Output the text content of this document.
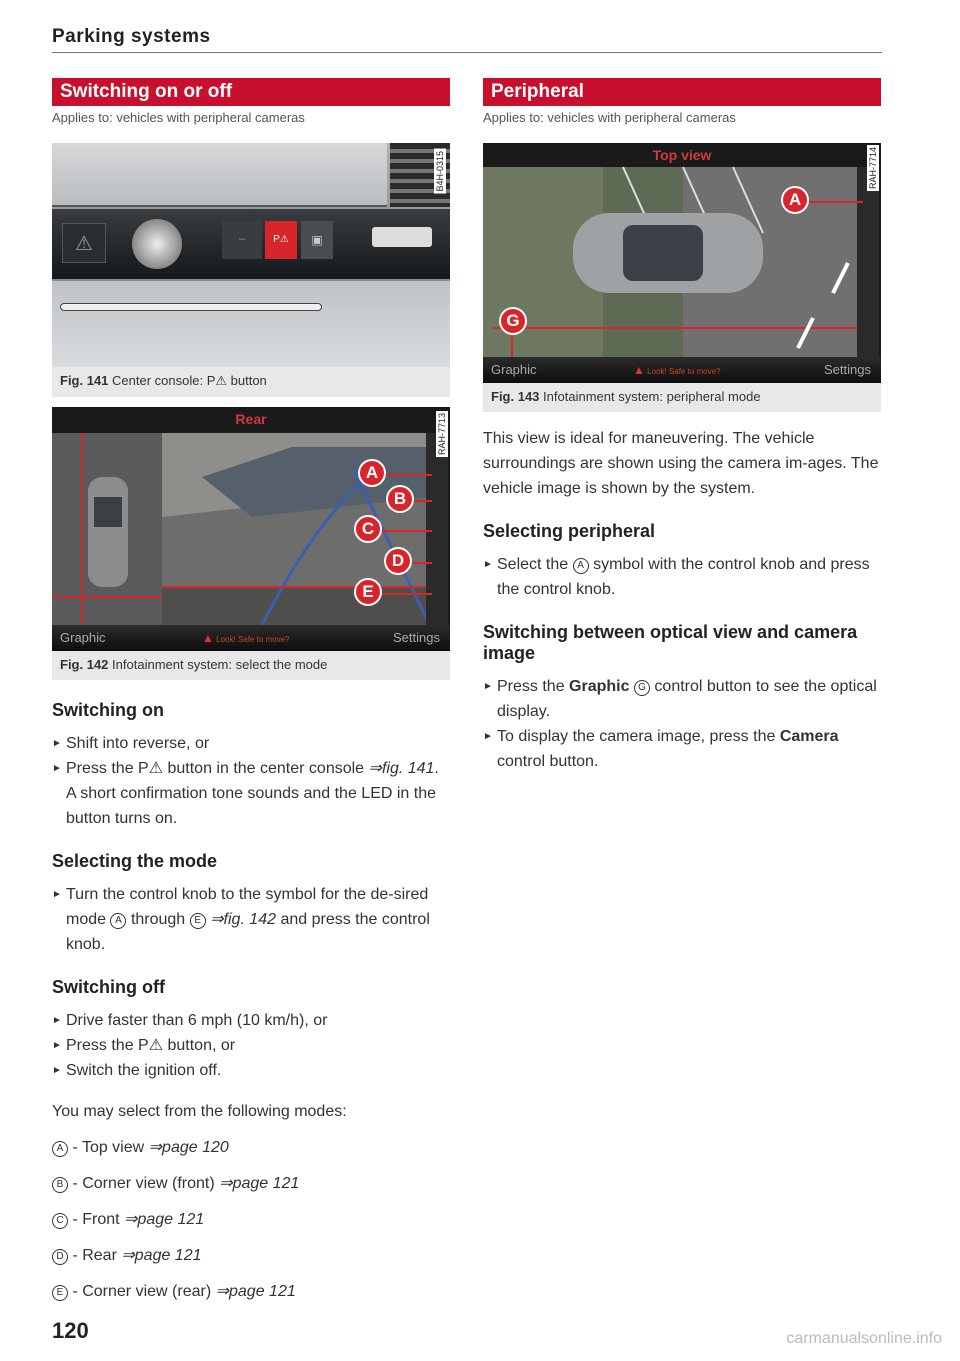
Parking systems
Switching on or off
Applies to: vehicles with peripheral cameras
⚠	▪▪▪	P⚠	▣
B4H-0315
Fig. 141 Center console: P⚠ button
Rear	RAH-7713
A
B
C
D
E
Graphic	▲ Look! Safe to move?	Settings
Fig. 142 Infotainment system: select the mode
Switching on
► Shift into reverse, or
► Press the P⚠ button in the center console ⇒fig. 141. A short confirmation tone sounds and the LED in the button turns on.
Selecting the mode
► Turn the control knob to the symbol for the de-sired mode A through E ⇒fig. 142 and press the control knob.
Switching off
► Drive faster than 6 mph (10 km/h), or
► Press the P⚠ button, or
► Switch the ignition off.
You may select from the following modes:
A - Top view ⇒page 120
B - Corner view (front) ⇒page 121
C - Front ⇒page 121
D - Rear ⇒page 121
E - Corner view (rear) ⇒page 121
Peripheral
Applies to: vehicles with peripheral cameras
Top view	RAH-7714
A
G
Graphic	▲ Look! Safe to move?	Settings
Fig. 143 Infotainment system: peripheral mode
This view is ideal for maneuvering. The vehicle surroundings are shown using the camera im-ages. The vehicle image is shown by the system.
Selecting peripheral
► Select the A symbol with the control knob and press the control knob.
Switching between optical view and camera image
► Press the Graphic G control button to see the optical display.
► To display the camera image, press the Camera control button.
120	carmanualsonline.info
